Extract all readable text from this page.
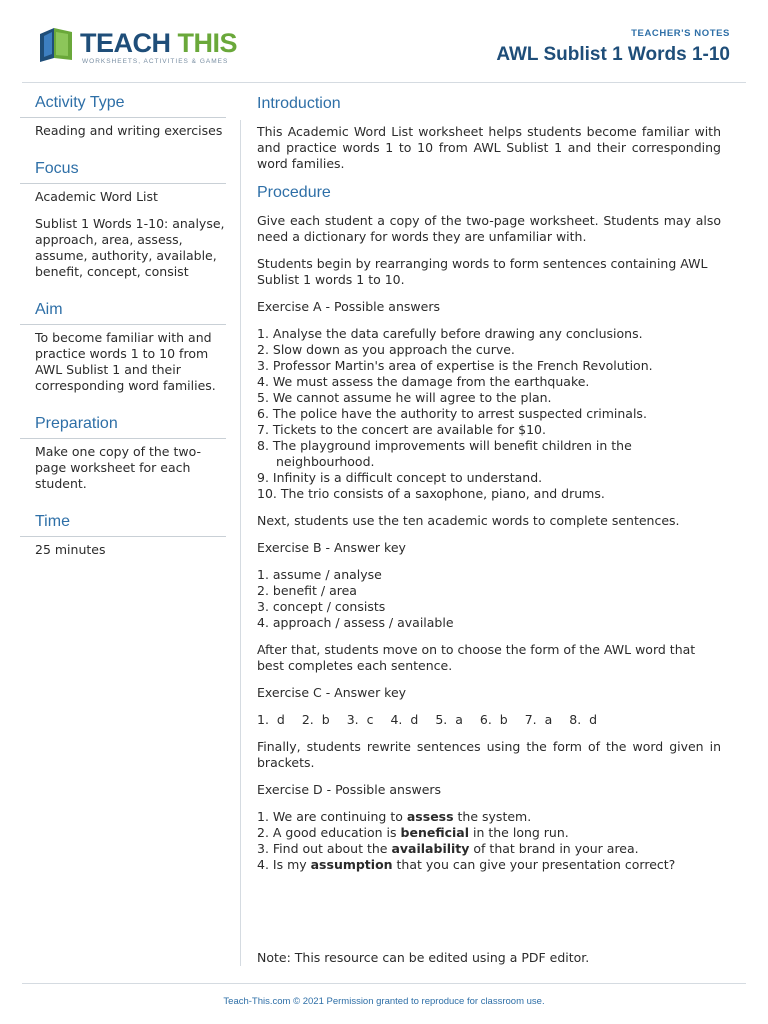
TEACH THIS
WORKSHEETS, ACTIVITIES & GAMES
TEACHER'S NOTES
AWL Sublist 1 Words 1-10
Activity Type
Reading and writing exercises
Focus

Academic Word List

Sublist 1 Words 1-10: analyse, approach, area, assess, assume, authority, available, benefit, concept, consist

Aim
To become familiar with and practice words 1 to 10 from AWL Sublist 1 and their corresponding word families.
Preparation
Make one copy of the two-page worksheet for each student.
Time
25 minutes
Introduction

This Academic Word List worksheet helps students become familiar with and practice words 1 to 10 from AWL Sublist 1 and their corresponding word families.

Procedure

Give each student a copy of the two-page worksheet. Students may also need a dictionary for words they are unfamiliar with.

Students begin by rearranging words to form sentences containing AWL Sublist 1 words 1 to 10.

Exercise A - Possible answers

1. Analyse the data carefully before drawing any conclusions.
2. Slow down as you approach the curve.
3. Professor Martin's area of expertise is the French Revolution.
4. We must assess the damage from the earthquake.
5. We cannot assume he will agree to the plan.
6. The police have the authority to arrest suspected criminals.
7. Tickets to the concert are available for $10.
8. The playground improvements will benefit children in the neighbourhood.
9. Infinity is a difficult concept to understand.
10. The trio consists of a saxophone, piano, and drums.

Next, students use the ten academic words to complete sentences.

Exercise B - Answer key

1. assume / analyse
2. benefit / area
3. concept / consists
4. approach / assess / available

After that, students move on to choose the form of the AWL word that best completes each sentence.

Exercise C - Answer key

1. d 2. b 3. c 4. d 5. a 6. b 7. a 8. d

Finally, students rewrite sentences using the form of the word given in brackets.

Exercise D - Possible answers

1. We are continuing to assess the system.
2. A good education is beneficial in the long run.
3. Find out about the availability of that brand in your area.
4. Is my assumption that you can give your presentation correct?
Note: This resource can be edited using a PDF editor.
Teach-This.com © 2021 Permission granted to reproduce for classroom use.
